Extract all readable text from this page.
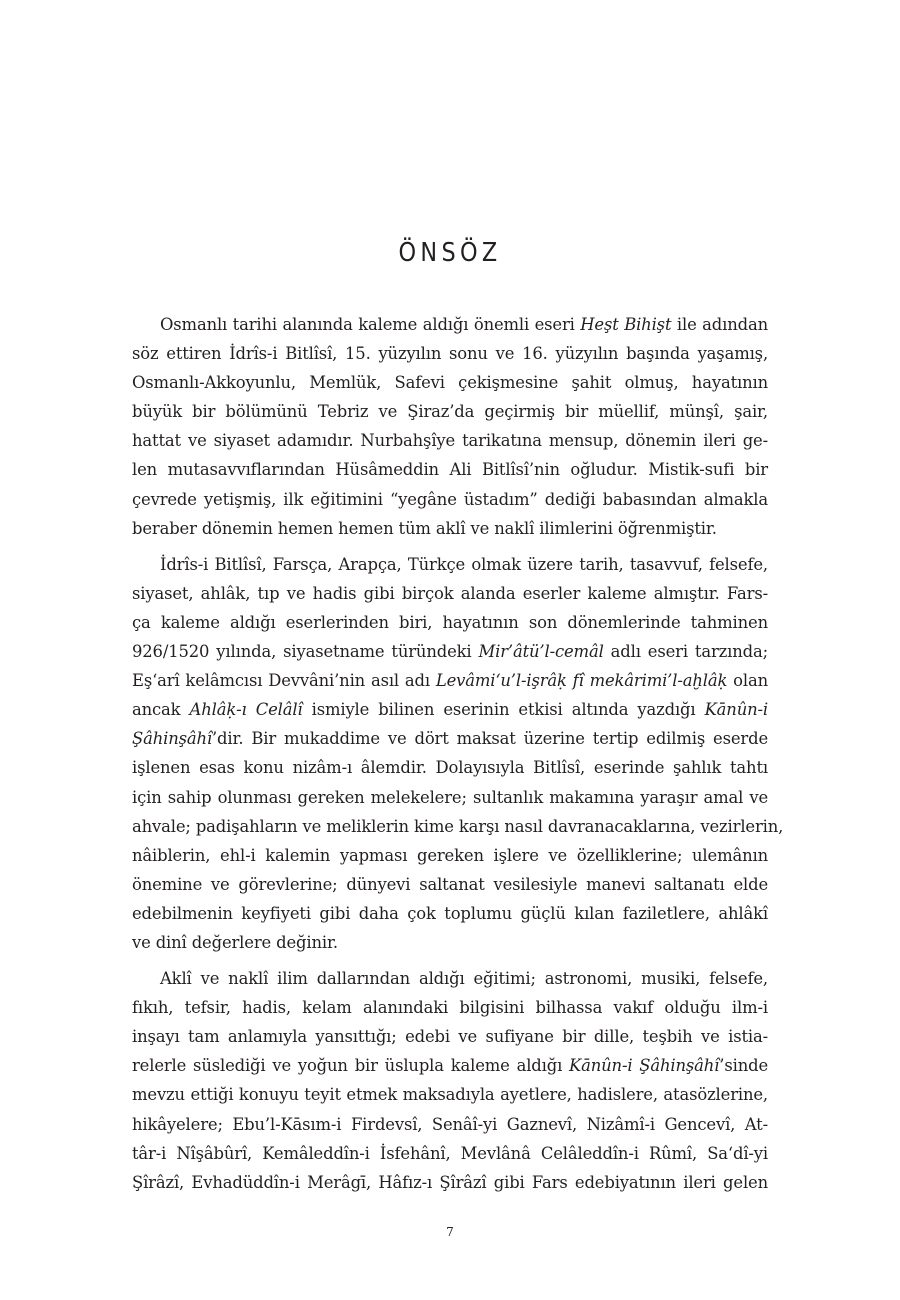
ÖNSÖZ
Osmanlı tarihi alanında kaleme aldığı önemli eseri Heşt Bihişt ile adından
söz ettiren İdrîs-i Bitlîsî, 15. yüzyılın sonu ve 16. yüzyılın başında yaşamış,
Osmanlı-Akkoyunlu, Memlük, Safevi çekişmesine şahit olmuş, hayatının
büyük bir bölümünü Tebriz ve Şiraz’da geçirmiş bir müellif, münşî, şair,
hattat ve siyaset adamıdır. Nurbahşîye tarikatına mensup, dönemin ileri ge-
len mutasavvıflarından Hüsâmeddin Ali Bitlîsî’nin oğludur. Mistik-sufi bir
çevrede yetişmiş, ilk eğitimini “yegâne üstadım” dediği babasından almakla
beraber dönemin hemen hemen tüm aklî ve naklî ilimlerini öğrenmiştir.
İdrîs-i Bitlîsî, Farsça, Arapça, Türkçe olmak üzere tarih, tasavvuf, felsefe,
siyaset, ahlâk, tıp ve hadis gibi birçok alanda eserler kaleme almıştır. Fars-
ça kaleme aldığı eserlerinden biri, hayatının son dönemlerinde tahminen
926/1520 yılında, siyasetname türündeki Mir’âtü’l-cemâl adlı eseri tarzında;
Eş‘arî kelâmcısı Devvâni’nin asıl adı Levâmi‘u’l-işrâḳ fî mekârimi’l-aḫlâḳ olan
ancak Ahlâḳ-ı Celâlî ismiyle bilinen eserinin etkisi altında yazdığı Kānûn-i
Şâhinşâhî’dir. Bir mukaddime ve dört maksat üzerine tertip edilmiş eserde
işlenen esas konu nizâm-ı âlemdir. Dolayısıyla Bitlîsî, eserinde şahlık tahtı
için sahip olunması gereken melekelere; sultanlık makamına yaraşır amal ve
ahvale; padişahların ve meliklerin kime karşı nasıl davranacaklarına, vezirlerin,
nâiblerin, ehl-i kalemin yapması gereken işlere ve özelliklerine; ulemânın
önemine ve görevlerine; dünyevi saltanat vesilesiyle manevi saltanatı elde
edebilmenin keyfiyeti gibi daha çok toplumu güçlü kılan faziletlere, ahlâkî
ve dinî değerlere değinir.
Aklî ve naklî ilim dallarından aldığı eğitimi; astronomi, musiki, felsefe,
fıkıh, tefsir, hadis, kelam alanındaki bilgisini bilhassa vakıf olduğu ilm-i
inşayı tam anlamıyla yansıttığı; edebi ve sufiyane bir dille, teşbih ve istia-
relerle süslediği ve yoğun bir üslupla kaleme aldığı Kānûn-i Şâhinşâhî’sinde
mevzu ettiği konuyu teyit etmek maksadıyla ayetlere, hadislere, atasözlerine,
hikâyelere; Ebu’l-Kāsım-i Firdevsî, Senâî-yi Gaznevî, Nizâmî-i Gencevî, At-
târ-i Nîşâbûrî, Kemâleddîn-i İsfehânî, Mevlânâ Celâleddîn-i Rûmî, Sa‘dî-yi
Şîrâzî, Evhadüddîn-i Merâgī, Hâfız-ı Şîrâzî gibi Fars edebiyatının ileri gelen
7
